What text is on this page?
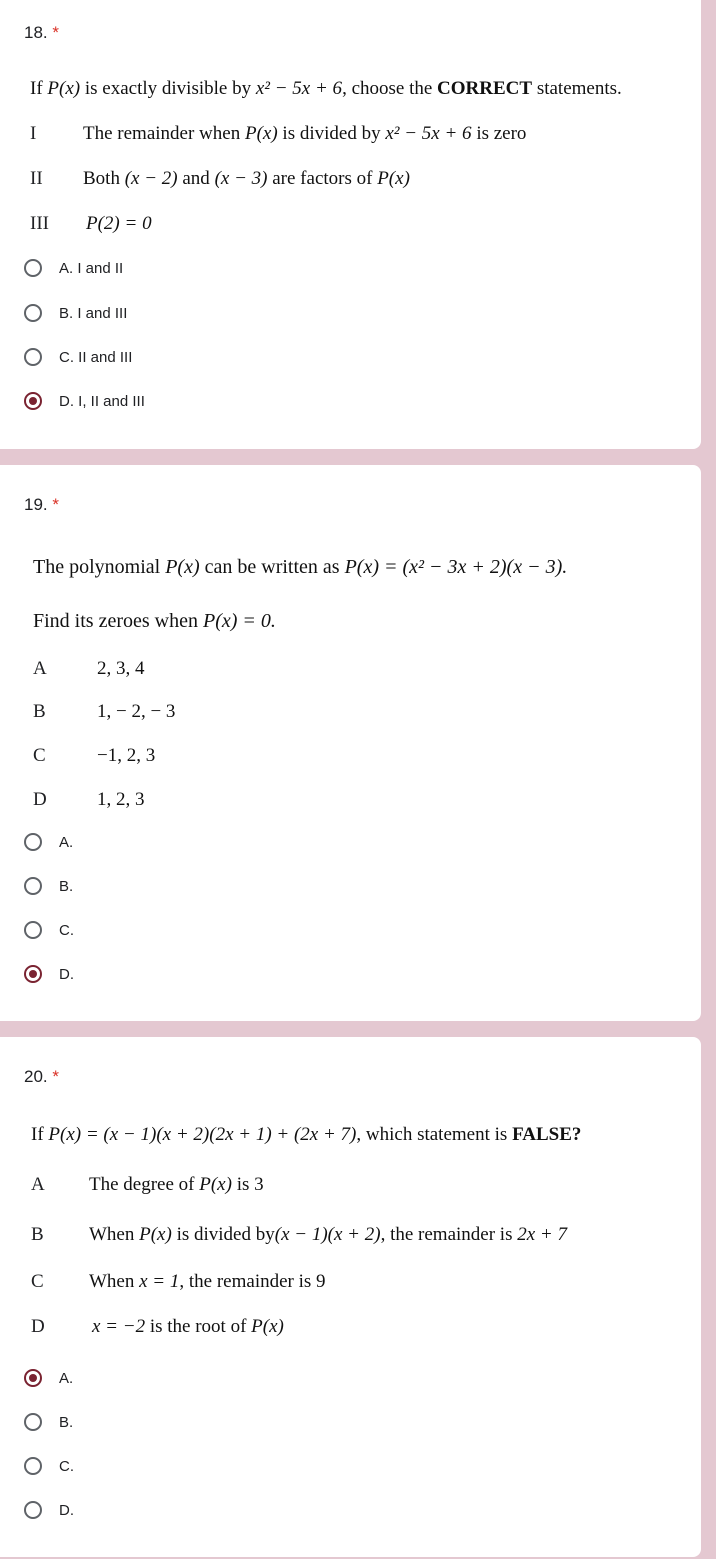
18. *
If P(x) is exactly divisible by x² − 5x + 6, choose the CORRECT statements.
I The remainder when P(x) is divided by x² − 5x + 6 is zero
II Both (x − 2) and (x − 3) are factors of P(x)
III P(2) = 0
A. I and II
B. I and III
C. II and III
D. I, II and III
19. *
The polynomial P(x) can be written as P(x) = (x² − 3x + 2)(x − 3).
Find its zeroes when P(x) = 0.
A	2, 3, 4
B	1, − 2, − 3
C	−1, 2, 3
D	1, 2, 3
A.
B.
C.
D.
20. *
If P(x) = (x − 1)(x + 2)(2x + 1) + (2x + 7), which statement is FALSE?
A The degree of P(x) is 3
B When P(x) is divided by(x − 1)(x + 2), the remainder is 2x + 7
C When x = 1, the remainder is 9
D x = −2 is the root of P(x)
A.
B.
C.
D.
